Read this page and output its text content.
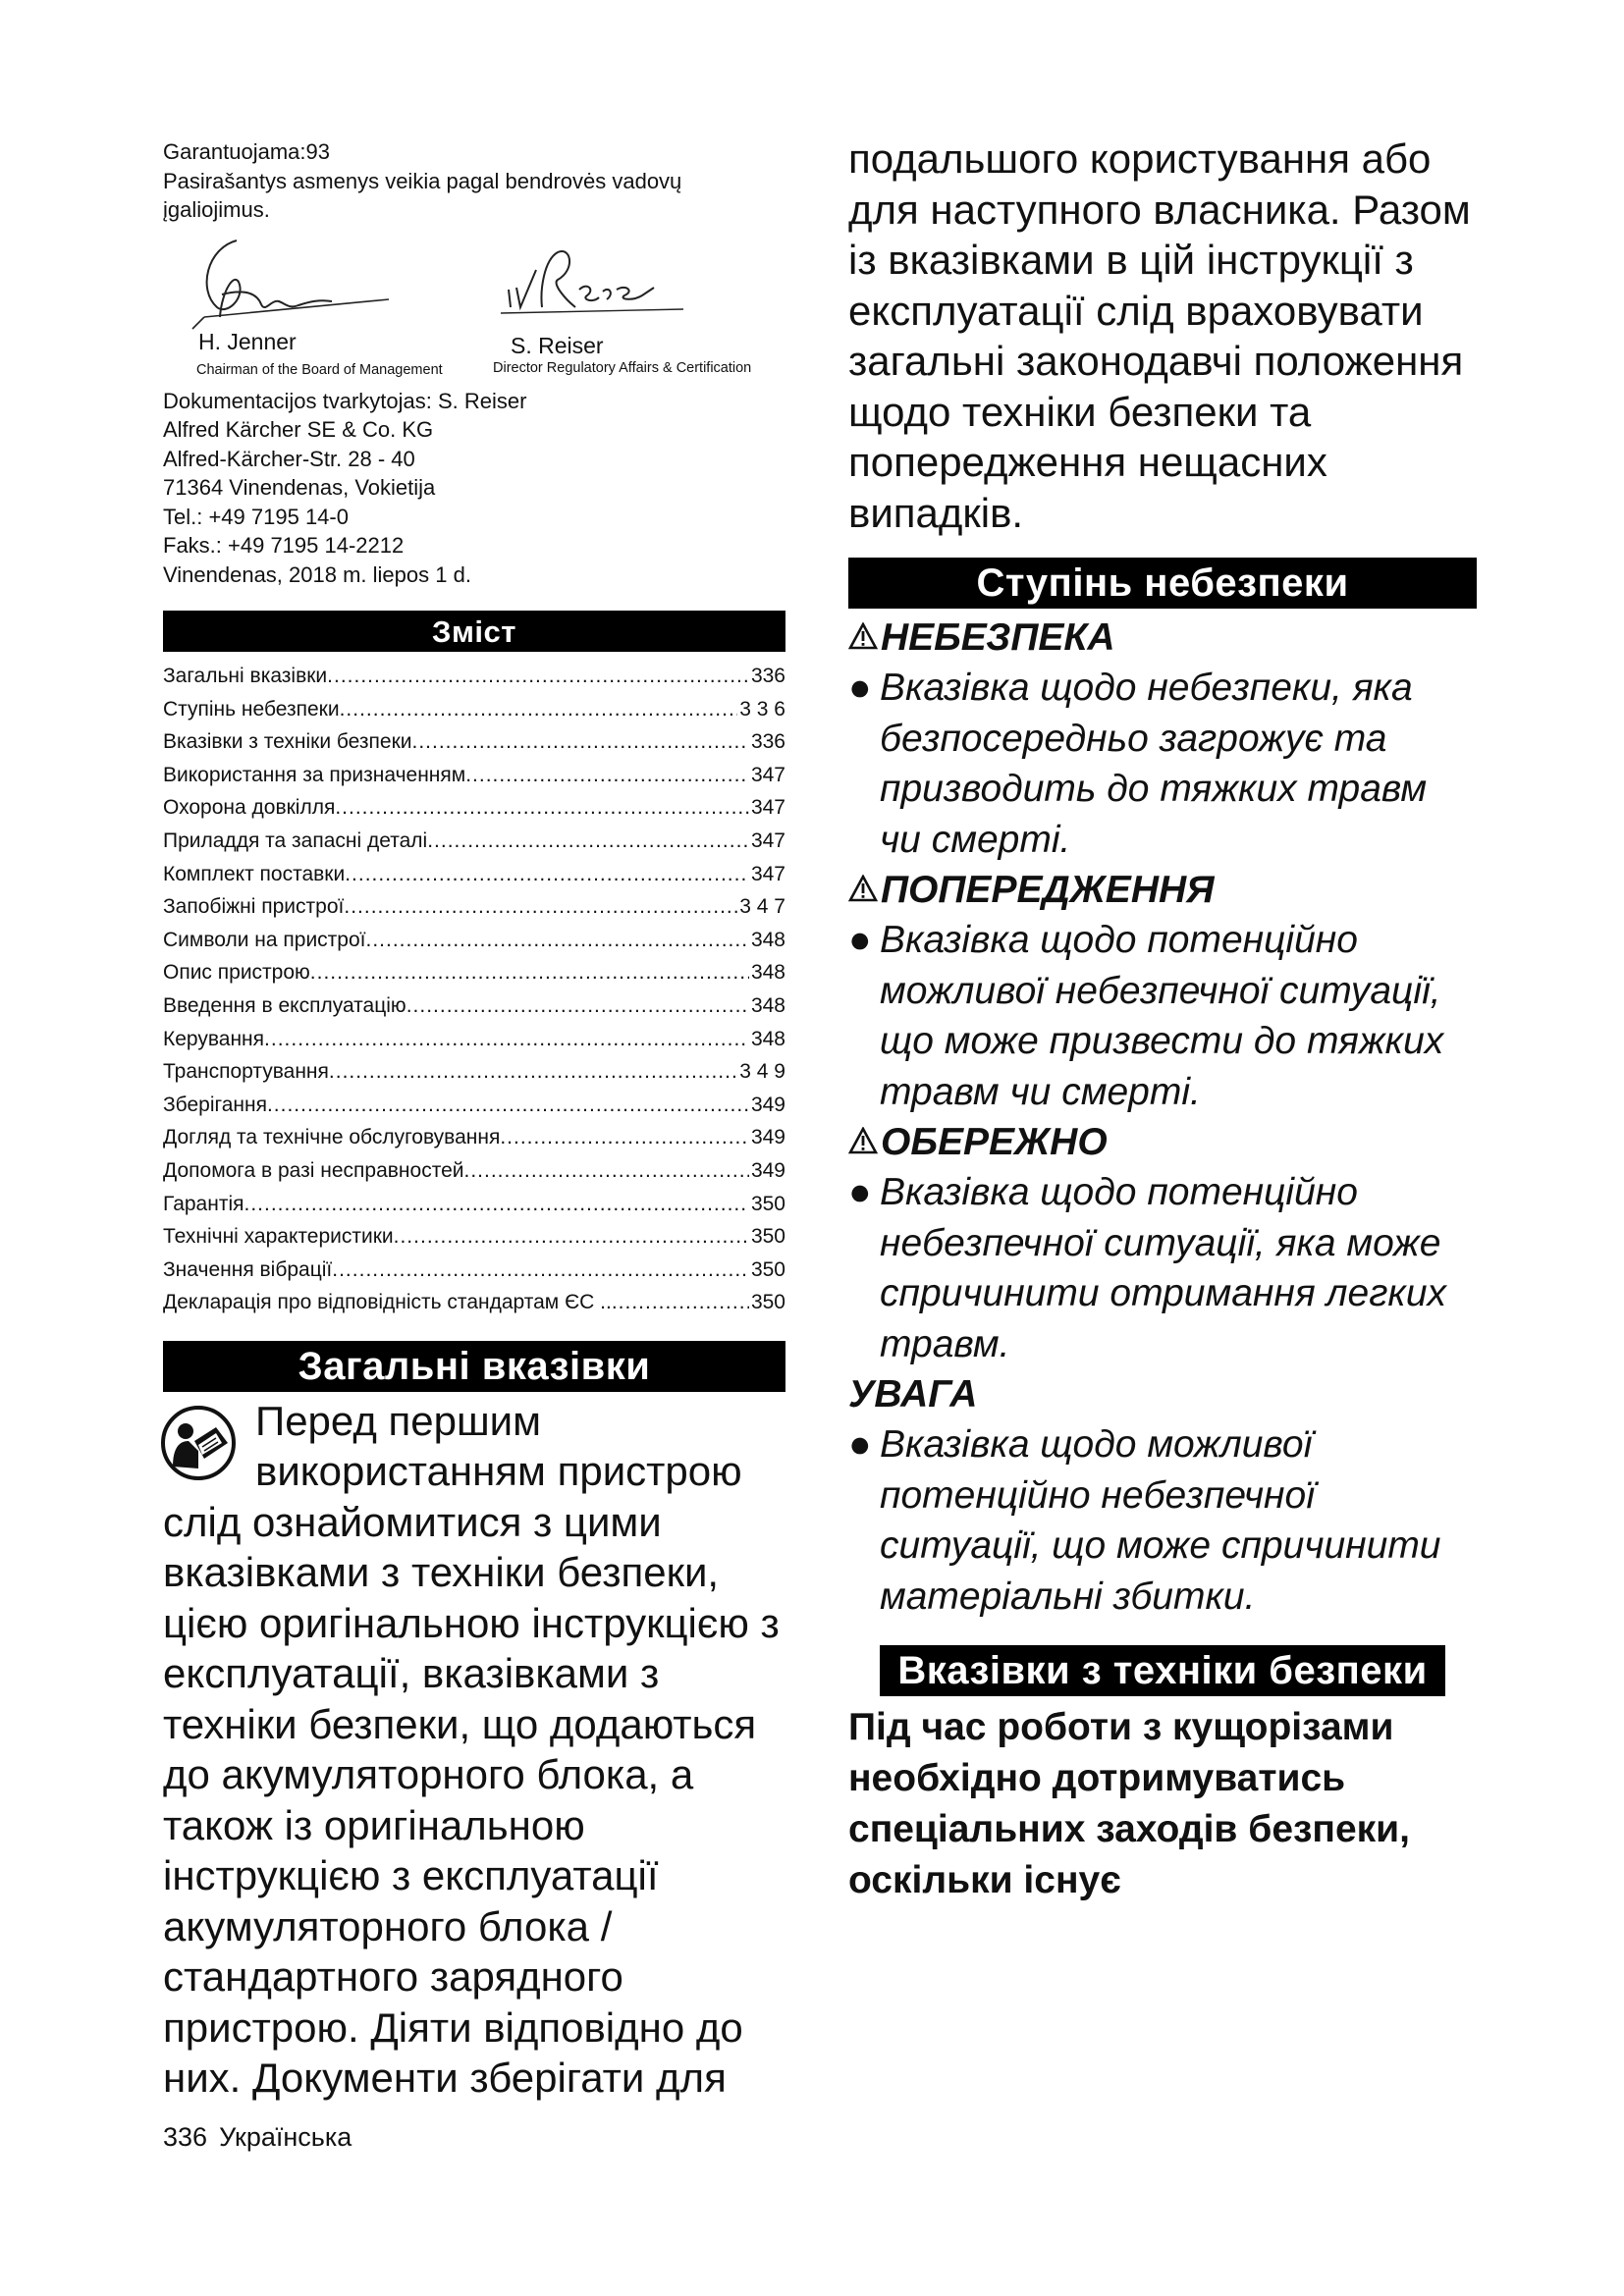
Garantuojama:93
Pasirašantys asmenys veikia pagal bendrovės vadovų
įgaliojimus.
H. Jenner
Chairman of the Board of Management
S. Reiser
Director Regulatory Affairs & Certification
Dokumentacijos tvarkytojas: S. Reiser
Alfred Kärcher SE & Co. KG
Alfred-Kärcher-Str. 28 - 40
71364 Vinendenas, Vokietija
Tel.: +49 7195 14-0
Faks.: +49 7195 14-2212
Vinendenas, 2018 m. liepos 1 d.
Зміст
Загальні вказівки .....	336
Ступінь небезпеки .....	3 3 6
Вказівки з техніки безпеки .....	336
Використання за призначенням .....	347
Охорона довкілля .....	347
Приладдя та запасні деталі .....	347
Комплект поставки .....	347
Запобіжні пристрої .....	3 4 7
Символи на пристрої .....	348
Опис пристрою .....	348
Введення в експлуатацію .....	348
Керування .....	348
Транспортування .....	3 4 9
Зберігання .....	349
Догляд та технічне обслуговування .....	349
Допомога в разі несправностей .....	349
Гарантія .....	350
Технічні характеристики .....	350
Значення вібрації .....	350
Декларація про відповідність стандартам ЄС .. .....	350
Загальні вказівки
Перед першим використанням пристрою слід ознайомитися з цими вказівками з техніки безпеки, цією оригінальною інструкцією з експлуатації, вказівками з техніки безпеки, що додаються до акумуляторного блока, а також із оригінальною інструкцією з експлуатації акумуляторного блока / стандартного зарядного пристрою. Діяти відповідно до них. Документи зберігати для
подальшого користування або для наступного власника. Разом із вказівками в цій інструкції з експлуатації слід враховувати загальні законодавчі положення щодо техніки безпеки та попередження нещасних випадків.
Ступінь небезпеки
НЕБЕЗПЕКА
● Вказівка щодо небезпеки, яка безпосередньо загрожує та призводить до тяжких травм чи смерті.
ПОПЕРЕДЖЕННЯ
● Вказівка щодо потенційно можливої небезпечної ситуації, що може призвести до тяжких травм чи смерті.
ОБЕРЕЖНО
● Вказівка щодо потенційно небезпечної ситуації, яка може спричинити отримання легких травм.
УВАГА
● Вказівка щодо можливої потенційно небезпечної ситуації, що може спричинити матеріальні збитки.
Вказівки з техніки безпеки
Під час роботи з кущорізами необхідно дотримуватись спеціальних заходів безпеки, оскільки існує
336 Українська
